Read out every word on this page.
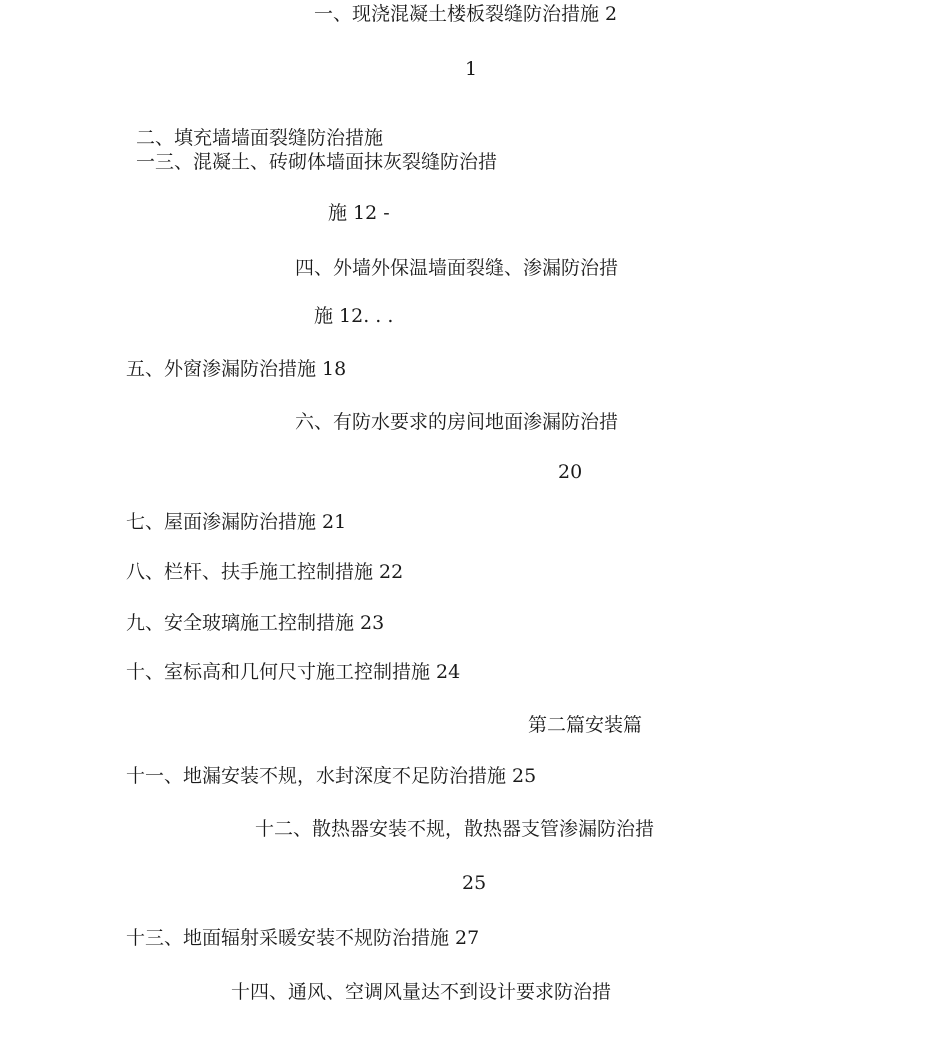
一、现浇混凝土楼板裂缝防治措施 2
1
二、填充墙墙面裂缝防治措施
一三、混凝土、砖砌体墙面抹灰裂缝防治措
施 12 -
四、外墙外保温墙面裂缝、渗漏防治措
施 12. . .
五、外窗渗漏防治措施 18
六、有防水要求的房间地面渗漏防治措
20
七、屋面渗漏防治措施 21
八、栏杆、扶手施工控制措施 22
九、安全玻璃施工控制措施 23
十、室标高和几何尺寸施工控制措施 24
第二篇安装篇
十一、地漏安装不规，水封深度不足防治措施 25
十二、散热器安装不规，散热器支管渗漏防治措
25
十三、地面辐射采暖安装不规防治措施 27
十四、通风、空调风量达不到设计要求防治措
